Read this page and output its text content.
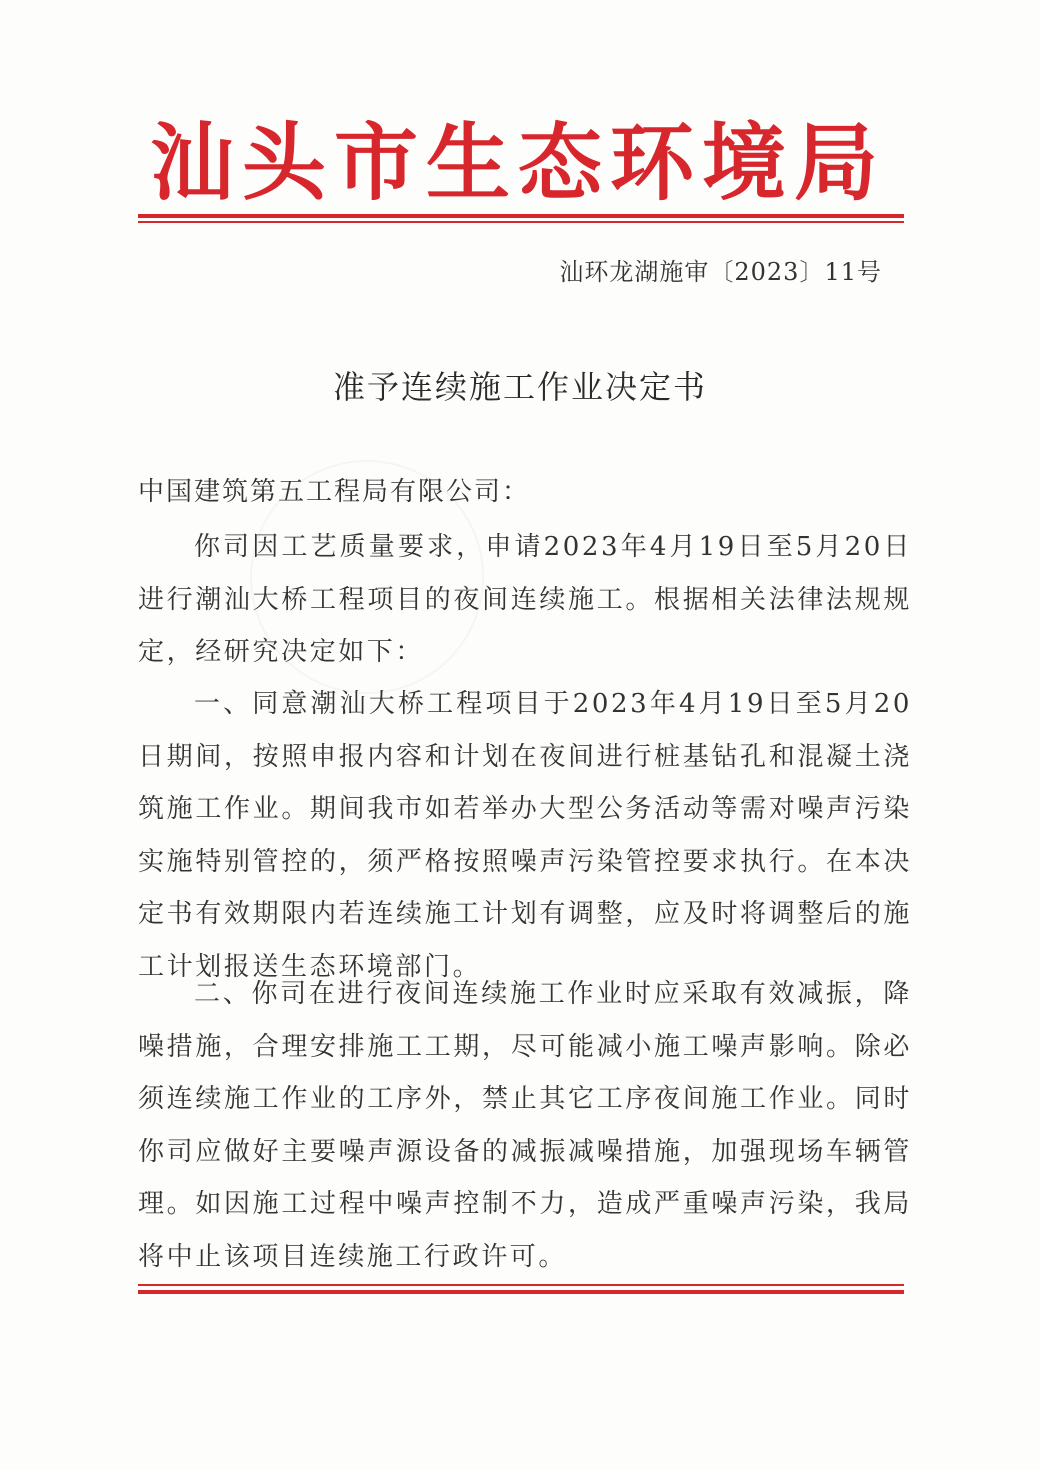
汕头市生态环境局
汕环龙湖施审〔2023〕11号
准予连续施工作业决定书
中国建筑第五工程局有限公司：
你司因工艺质量要求，申请2023年4月19日至5月20日进行潮汕大桥工程项目的夜间连续施工。根据相关法律法规规定，经研究决定如下：
一、同意潮汕大桥工程项目于2023年4月19日至5月20日期间，按照申报内容和计划在夜间进行桩基钻孔和混凝土浇筑施工作业。期间我市如若举办大型公务活动等需对噪声污染实施特别管控的，须严格按照噪声污染管控要求执行。在本决定书有效期限内若连续施工计划有调整，应及时将调整后的施工计划报送生态环境部门。
二、你司在进行夜间连续施工作业时应采取有效减振，降噪措施，合理安排施工工期，尽可能减小施工噪声影响。除必须连续施工作业的工序外，禁止其它工序夜间施工作业。同时你司应做好主要噪声源设备的减振减噪措施，加强现场车辆管理。如因施工过程中噪声控制不力，造成严重噪声污染，我局将中止该项目连续施工行政许可。
